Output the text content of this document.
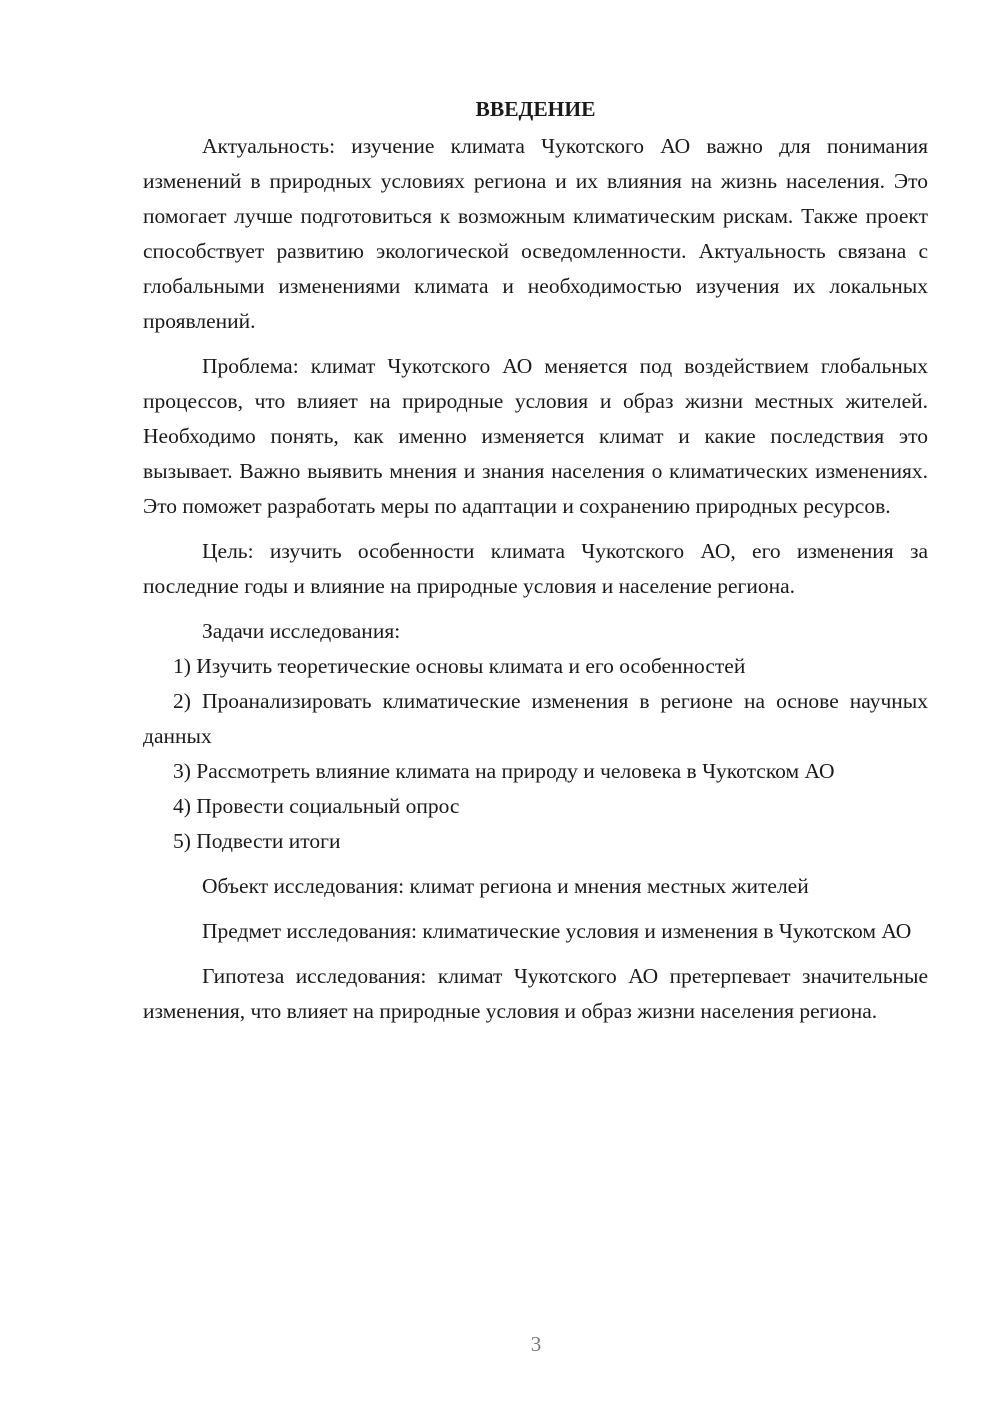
ВВЕДЕНИЕ

Актуальность: изучение климата Чукотского АО важно для понимания изменений в природных условиях региона и их влияния на жизнь населения. Это помогает лучше подготовиться к возможным климатическим рискам. Также проект способствует развитию экологической осведомленности. Актуальность связана с глобальными изменениями климата и необходимостью изучения их локальных проявлений.

Проблема: климат Чукотского АО меняется под воздействием глобальных процессов, что влияет на природные условия и образ жизни местных жителей. Необходимо понять, как именно изменяется климат и какие последствия это вызывает. Важно выявить мнения и знания населения о климатических изменениях. Это поможет разработать меры по адаптации и сохранению природных ресурсов.

Цель: изучить особенности климата Чукотского АО, его изменения за последние годы и влияние на природные условия и население региона.

Задачи исследования:

1) Изучить теоретические основы климата и его особенностей

2) Проанализировать климатические изменения в регионе на основе научных данных

3) Рассмотреть влияние климата на природу и человека в Чукотском АО

4) Провести социальный опрос

5) Подвести итоги

Объект исследования: климат региона и мнения местных жителей

Предмет исследования: климатические условия и изменения в Чукотском АО

Гипотеза исследования: климат Чукотского АО претерпевает значительные изменения, что влияет на природные условия и образ жизни населения региона.

3
